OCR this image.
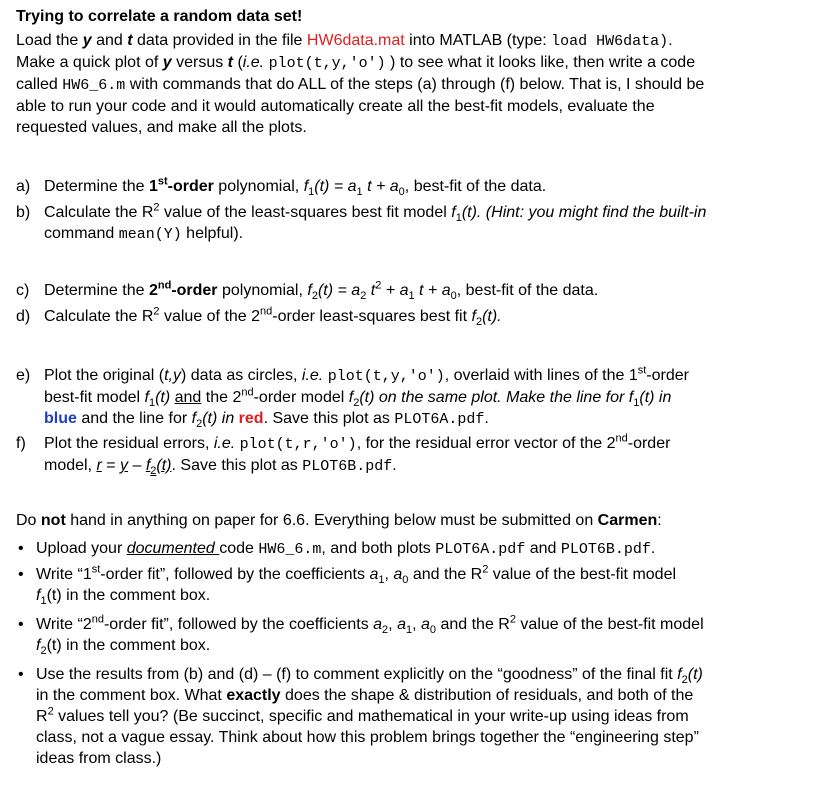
Trying to correlate a random data set!
Load the y and t data provided in the file HW6data.mat into MATLAB (type: load HW6data).
Make a quick plot of y versus t (i.e. plot(t,y,'o') ) to see what it looks like, then write a code
called HW6_6.m with commands that do ALL of the steps (a) through (f) below. That is, I should be
able to run your code and it would automatically create all the best-fit models, evaluate the
requested values, and make all the plots.
a) Determine the 1st-order polynomial, $f_1(t) = a_1$ $t + a_0$, best-fit of the data.
b) Calculate the $R^2$ value of the least-squares best fit model $f_1(t)$. (Hint: you might find the built-in
command mean(Y) helpful).
c) Determine the 2nd-order polynomial, $f_2(t) = a_2$ $t^2 + a_1$ $t + a_0$, best-fit of the data.
d) Calculate the $R^2$ value of the 2nd-order least-squares best fit $f_2(t)$.
e) Plot the original (t,y) data as circles, i.e. plot(t,y,'o'), overlaid with lines of the 1st-order
best-fit model $f_1(t)$ and the 2nd-order model $f_2(t)$ on the same plot. Make the line for $f_1(t)$ in
blue and the line for $f_2(t)$ in red. Save this plot as PLOT6A.pdf.
f) Plot the residual errors, i.e. plot(t,r,'o'), for the residual error vector of the 2nd-order
model, $r = y - f_2(t)$. Save this plot as PLOT6B.pdf.
Do not hand in anything on paper for 6.6. Everything below must be submitted on Carmen:
• Upload your documented code HW6_6.m, and both plots PLOT6A.pdf and PLOT6B.pdf.
• Write “1st-order fit”, followed by the coefficients $a_1$, $a_0$ and the $R^2$ value of the best-fit model
$f_1(t)$ in the comment box.
• Write “2nd-order fit”, followed by the coefficients $a_2$, $a_1$, $a_0$ and the $R^2$ value of the best-fit model
$f_2(t)$ in the comment box.
• Use the results from (b) and (d) – (f) to comment explicitly on the “goodness” of the final fit $f_2(t)$
in the comment box. What exactly does the shape & distribution of residuals, and both of the
$R^2$ values tell you? (Be succinct, specific and mathematical in your write-up using ideas from
class, not a vague essay. Think about how this problem brings together the “engineering step”
ideas from class.)
